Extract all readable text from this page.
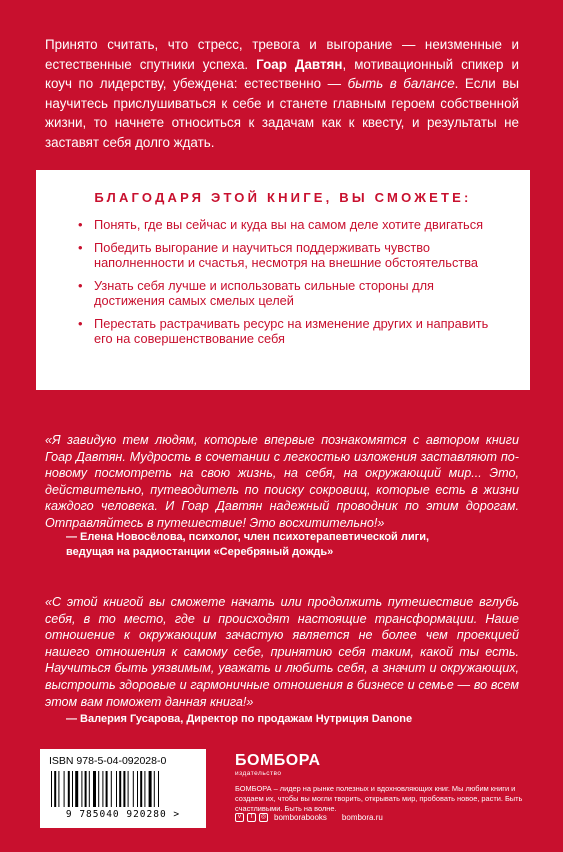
Принято считать, что стресс, тревога и выгорание — неизменные и естественные спутники успеха. Гоар Давтян, мотивационный спикер и коуч по лидерству, убеждена: естественно — быть в балансе. Если вы научитесь прислушиваться к себе и станете главным героем собственной жизни, то начнете относиться к задачам как к квесту, и результаты не заставят себя долго ждать.
БЛАГОДАРЯ ЭТОЙ КНИГЕ, ВЫ СМОЖЕТЕ:
• Понять, где вы сейчас и куда вы на самом деле хотите двигаться
• Победить выгорание и научиться поддерживать чувство наполненности и счастья, несмотря на внешние обстоятельства
• Узнать себя лучше и использовать сильные стороны для достижения самых смелых целей
• Перестать растрачивать ресурс на изменение других и направить его на совершенствование себя
«Я завидую тем людям, которые впервые познакомятся с автором книги Гоар Давтян. Мудрость в сочетании с легкостью изложения заставляют по-новому посмотреть на свою жизнь, на себя, на окружающий мир... Это, действительно, путеводитель по поиску сокровищ, которые есть в жизни каждого человека. И Гоар Давтян надежный проводник по этим дорогам. Отправляйтесь в путешествие! Это восхитительно!»
— Елена Новосёлова, психолог, член психотерапевтической лиги,
ведущая на радиостанции «Серебряный дождь»
«С этой книгой вы сможете начать или продолжить путешествие вглубь себя, в то место, где и происходят настоящие трансформации. Наше отношение к окружающим зачастую является не более чем проекцией нашего отношения к самому себе, принятию себя таким, какой ты есть. Научиться быть уязвимым, уважать и любить себя, а значит и окружающих, выстроить здоровые и гармоничные отношения в бизнесе и семье — во всем этом вам поможет данная книга!»
— Валерия Гусарова, Директор по продажам Нутриция Danone
ISBN 978-5-04-092028-0
9 785040 920280 >
БОМБОРА
издательство
БОМБОРА – лидер на рынке полезных и вдохновляющих книг. Мы любим книги и создаем их, чтобы вы могли творить, открывать мир, пробовать новое, расти. Быть счастливыми. Быть на волне.
v	f	◎ bomborabooks bombora.ru
